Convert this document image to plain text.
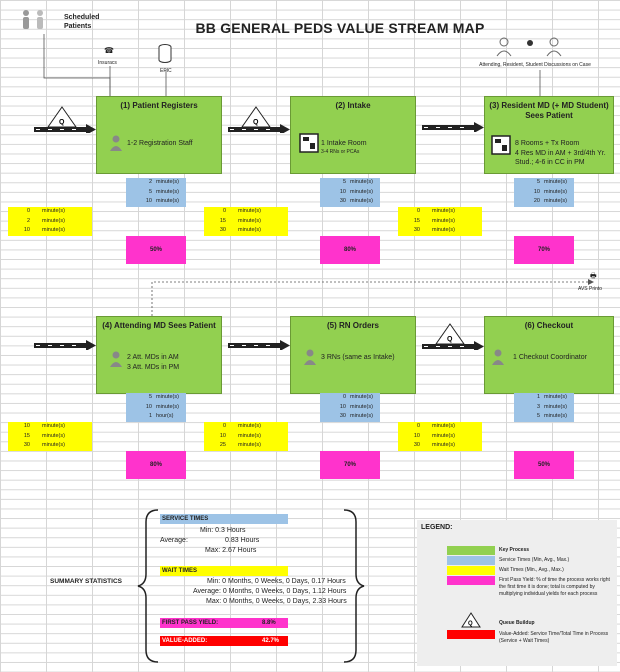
BB GENERAL PEDS VALUE STREAM MAP
Scheduled Patients
☎
Insuracs
EPIC
Attending, Resident, Student Discussions on Case
🖶
AVS Printo
Q	Q
Q
(1) Patient Registers
1-2 Registration Staff
(2) Intake
1 Intake Room
3-4 RNs or PCAs
(3) Resident MD (+ MD Student) Sees Patient
8 Rooms + Tx Room
4 Res MD in AM + 3rd/4th Yr. Stud.; 4-6 in CC in PM
(4) Attending MD Sees Patient
2 Att. MDs in AM
3 Att. MDs in PM
(5) RN Orders
3 RNs (same as Intake)
(6) Checkout
1 Checkout Coordinator
2 minute(s)
5 minute(s)
10 minute(s)
5 minute(s)
10 minute(s)
30 minute(s)
5 minute(s)
10 minute(s)
20 minute(s)
5 minute(s)
10 minute(s)
1 hour(s)
0 minute(s)
10 minute(s)
30 minute(s)
1 minute(s)
3 minute(s)
5 minute(s)
0 minute(s)
2 minute(s)
10 minute(s)
0 minute(s)
15 minute(s)
30 minute(s)
0 minute(s)
15 minute(s)
30 minute(s)
10 minute(s)
15 minute(s)
30 minute(s)
0 minute(s)
10 minute(s)
25 minute(s)
0 minute(s)
10 minute(s)
30 minute(s)
50%	80%	70%
80%	70%	50%
SUMMARY STATISTICS
SERVICE TIMES
Min: 0.3 Hours
Average:	0.83 Hours
Max: 2.67 Hours
WAIT TIMES
Min: 0 Months, 0 Weeks, 0 Days, 0.17 Hours
Average: 0 Months, 0 Weeks, 0 Days, 1.12 Hours
Max: 0 Months, 0 Weeks, 0 Days, 2.33 Hours
FIRST PASS YIELD:	8.8%
VALUE-ADDED:	42.7%
LEGEND:
Key Process
Service Times (Min, Avg., Max.)
Wait Times (Min., Avg., Max.)
First Pass Yield: % of time the process works right the first time it is done; total is computed by multiplying individual yields for each process
Q	Queue Buildup
Value-Added: Service Time/Total Time in Process (Service + Wait Times)
